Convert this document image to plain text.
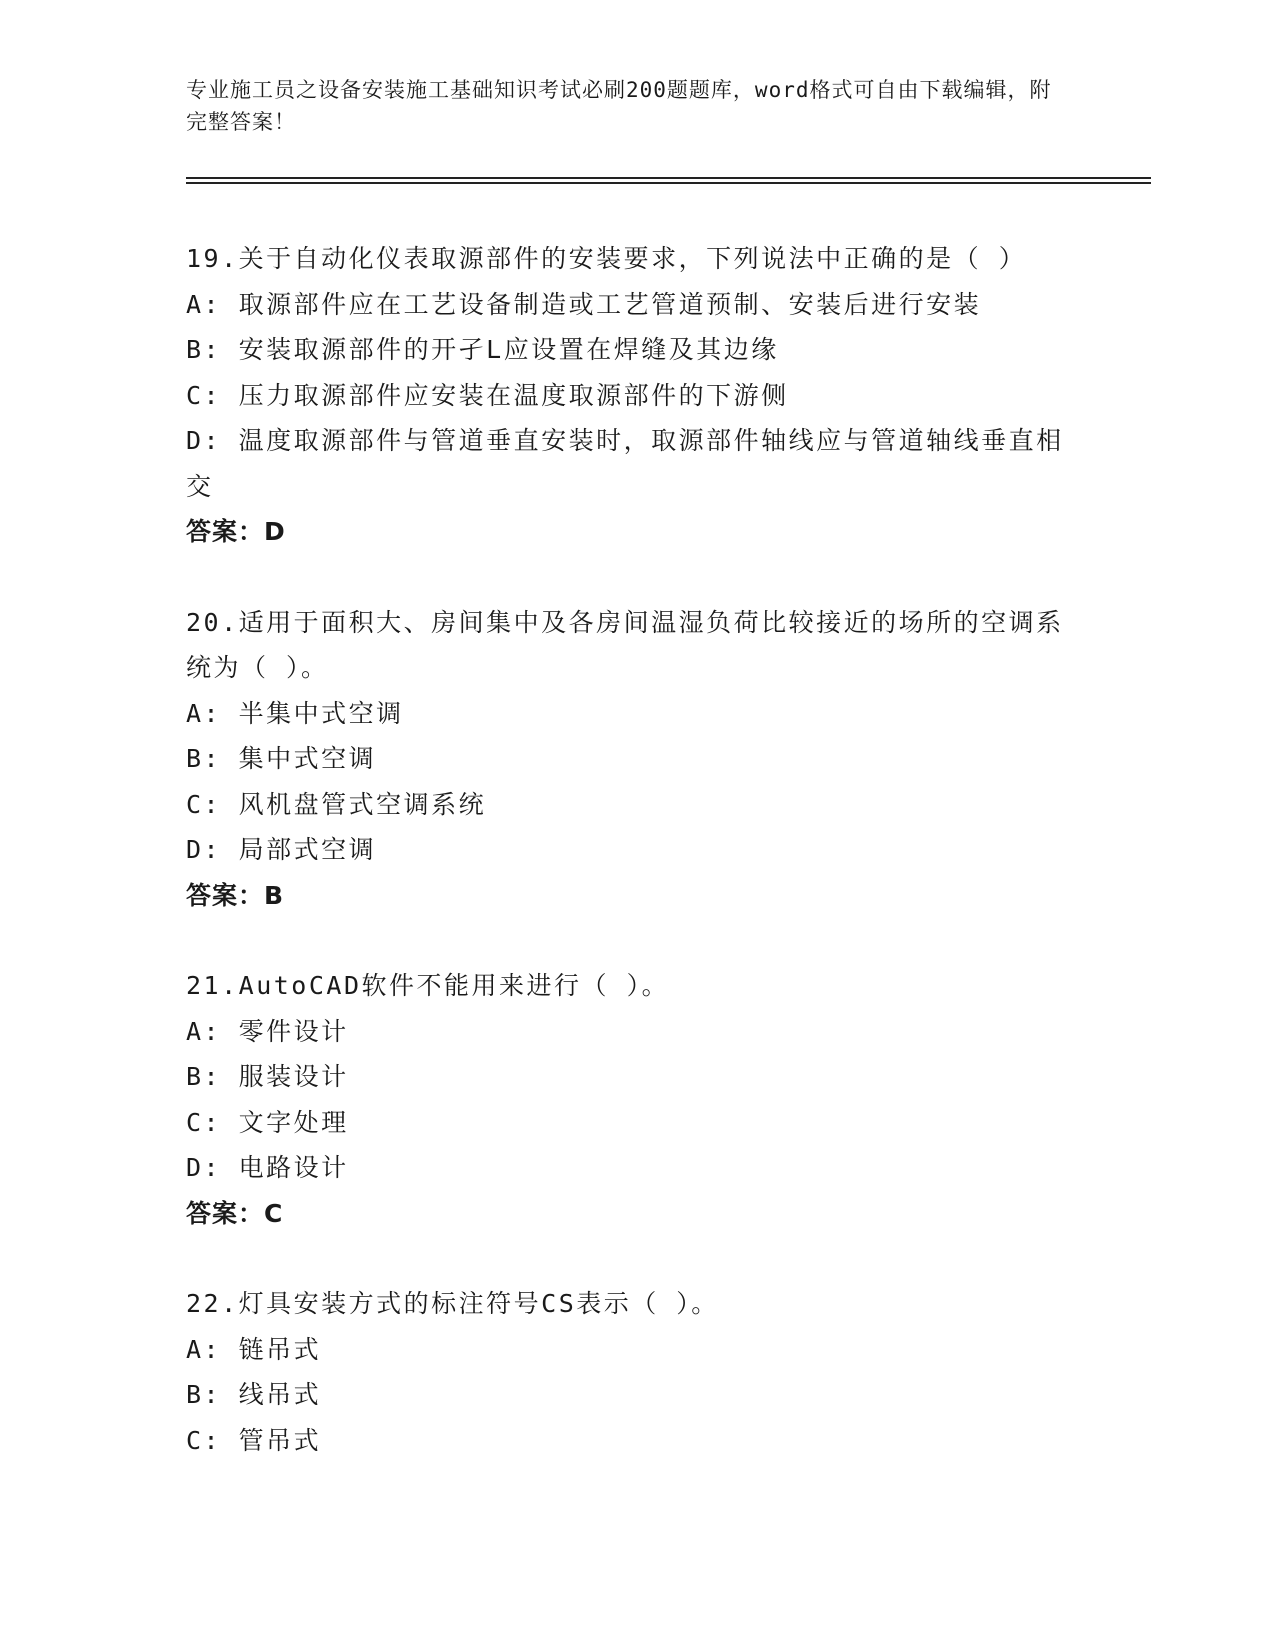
专业施工员之设备安装施工基础知识考试必刷200题题库，word格式可自由下载编辑，附完整答案！
19.关于自动化仪表取源部件的安装要求，下列说法中正确的是（ ）
A: 取源部件应在工艺设备制造或工艺管道预制、安装后进行安装
B: 安装取源部件的开孑L应设置在焊缝及其边缘
C: 压力取源部件应安装在温度取源部件的下游侧
D: 温度取源部件与管道垂直安装时，取源部件轴线应与管道轴线垂直相交
答案：D
20.适用于面积大、房间集中及各房间温湿负荷比较接近的场所的空调系统为（ ）。
A: 半集中式空调
B: 集中式空调
C: 风机盘管式空调系统
D: 局部式空调
答案：B
21.AutoCAD软件不能用来进行（ ）。
A: 零件设计
B: 服装设计
C: 文字处理
D: 电路设计
答案：C
22.灯具安装方式的标注符号CS表示（ ）。
A: 链吊式
B: 线吊式
C: 管吊式
